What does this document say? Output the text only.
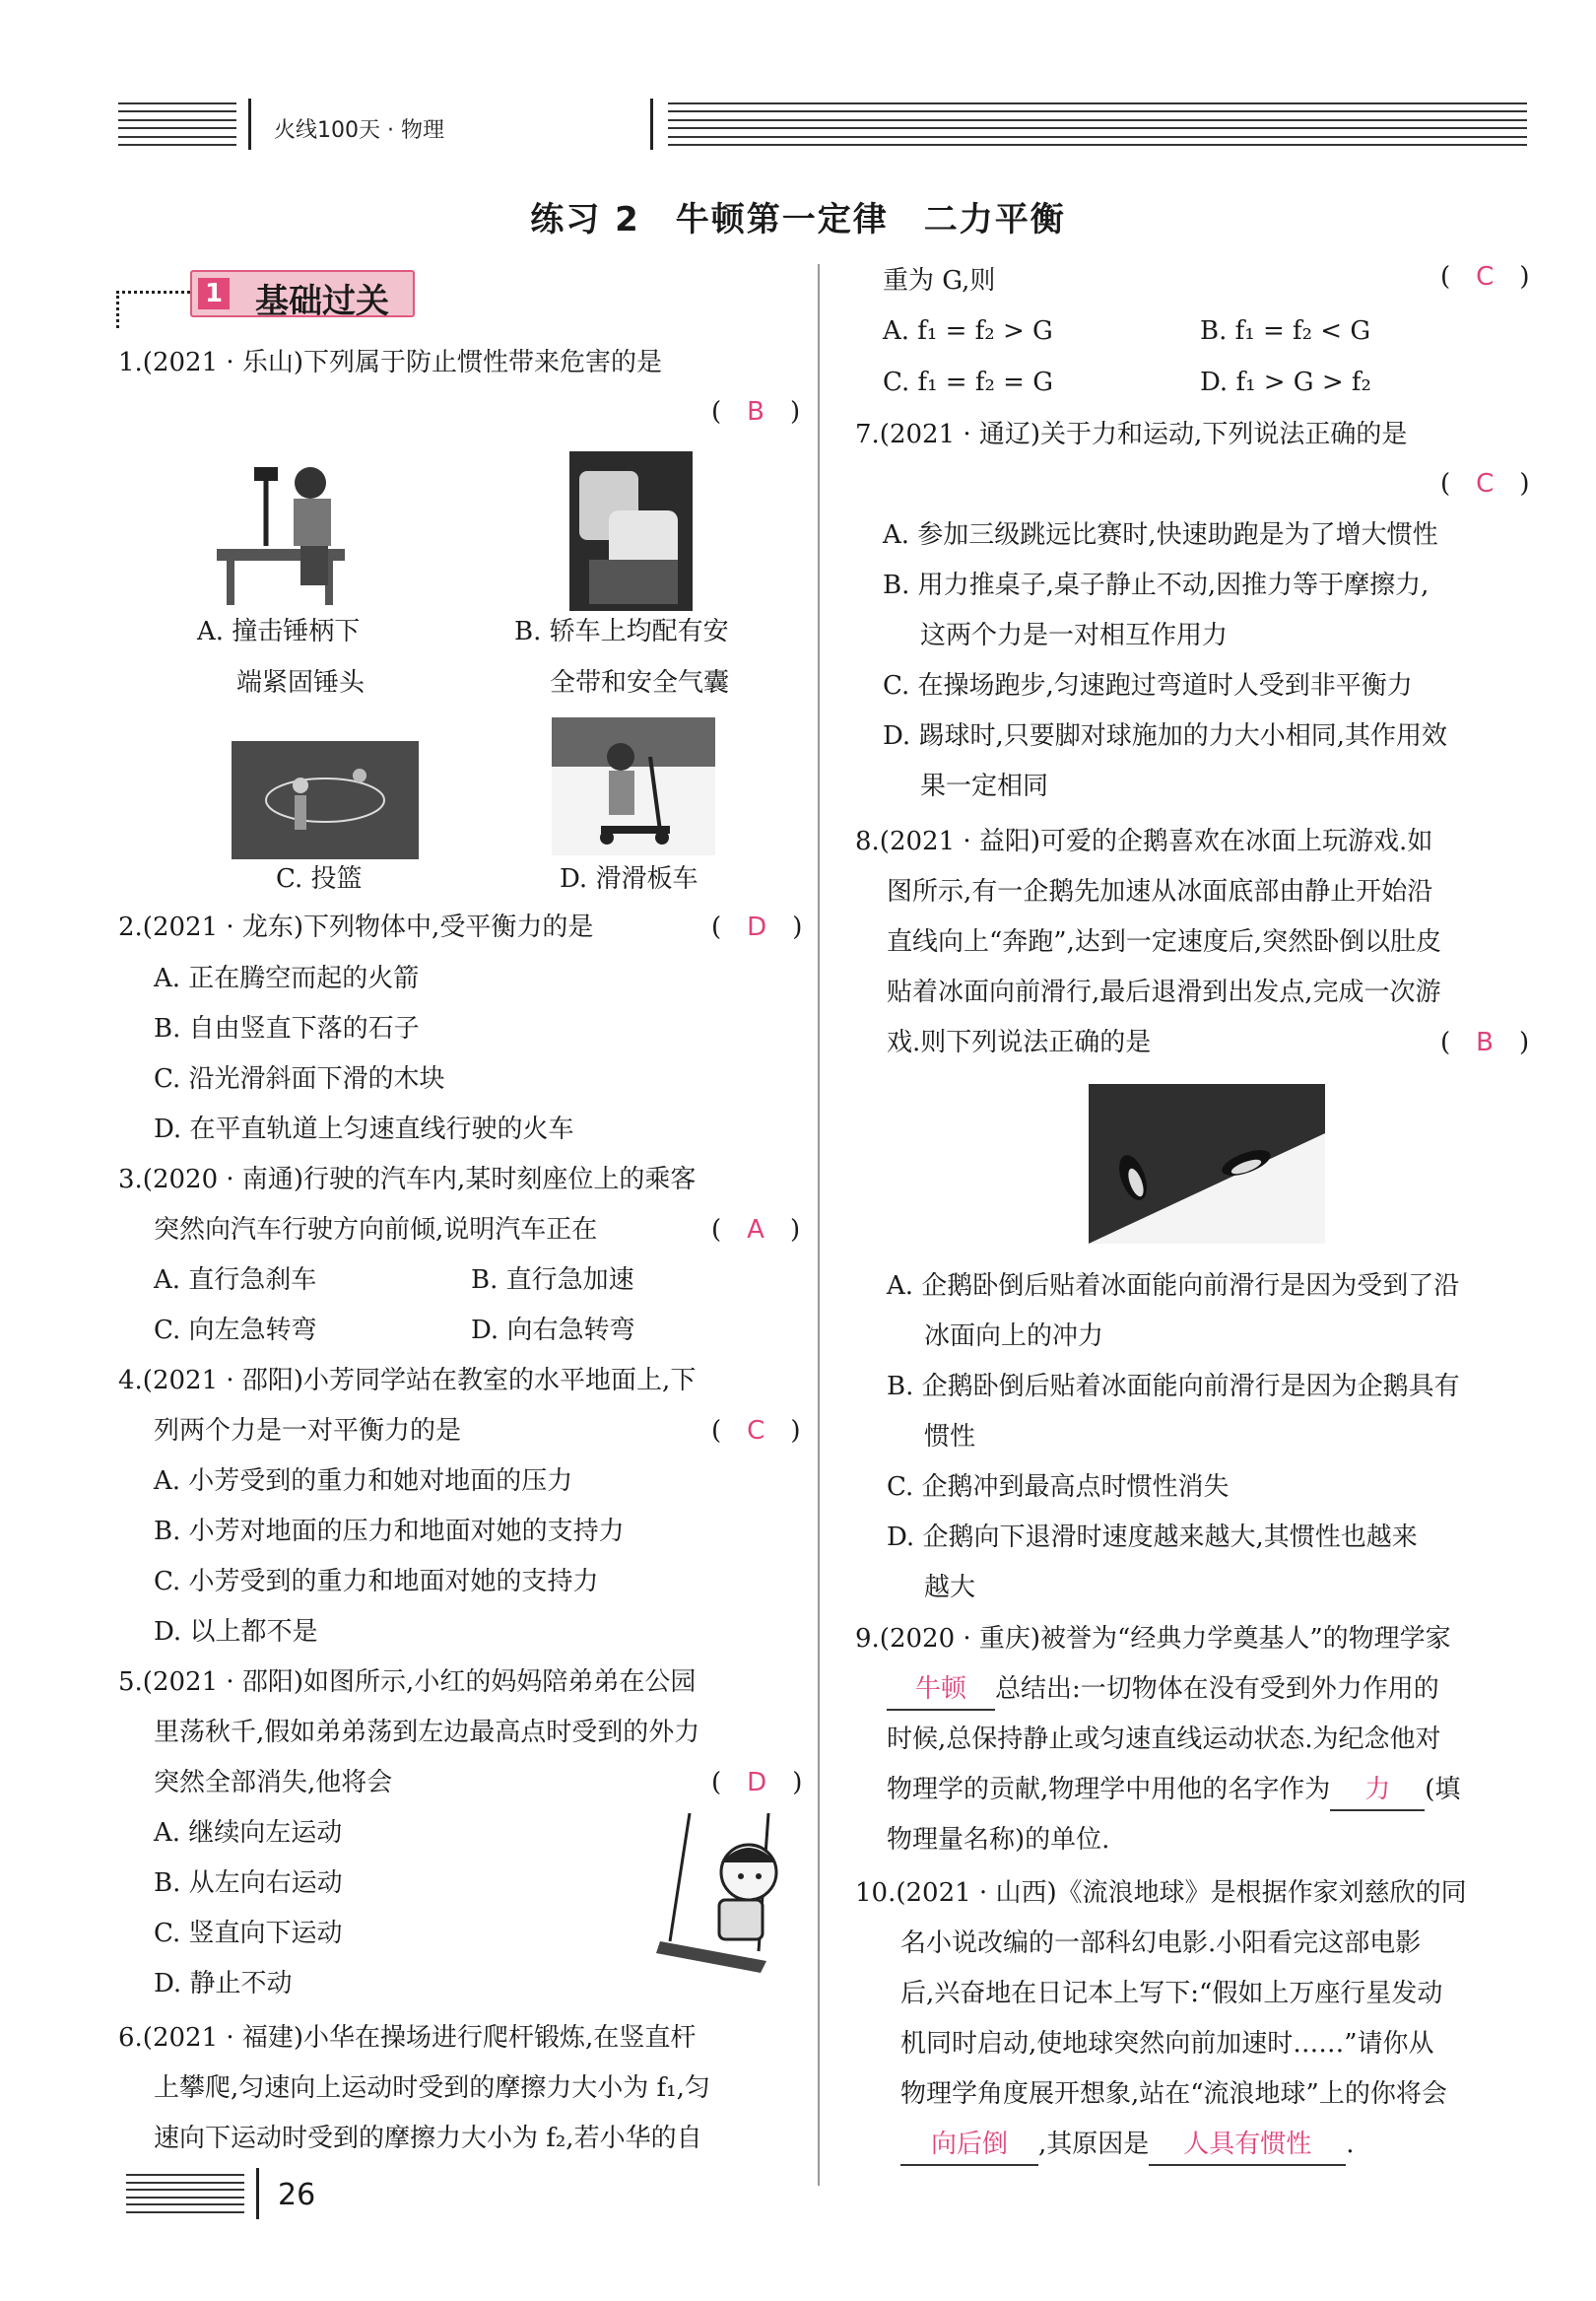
火线100天 · 物理
练习 2　牛顿第一定律　二力平衡
1 基础过关
1.(2021 · 乐山)下列属于防止惯性带来危害的是
(　B　)
A. 撞击锤柄下
端紧固锤头
B. 轿车上均配有安
全带和安全气囊
C. 投篮	D. 滑滑板车
2.(2021 · 龙东)下列物体中,受平衡力的是	(　D　)
A. 正在腾空而起的火箭
B. 自由竖直下落的石子
C. 沿光滑斜面下滑的木块
D. 在平直轨道上匀速直线行驶的火车
3.(2020 · 南通)行驶的汽车内,某时刻座位上的乘客
突然向汽车行驶方向前倾,说明汽车正在	(　A　)
A. 直行急刹车	B. 直行急加速
C. 向左急转弯	D. 向右急转弯
4.(2021 · 邵阳)小芳同学站在教室的水平地面上,下
列两个力是一对平衡力的是	(　C　)
A. 小芳受到的重力和她对地面的压力
B. 小芳对地面的压力和地面对她的支持力
C. 小芳受到的重力和地面对她的支持力
D. 以上都不是
5.(2021 · 邵阳)如图所示,小红的妈妈陪弟弟在公园
里荡秋千,假如弟弟荡到左边最高点时受到的外力
突然全部消失,他将会	(　D　)
A. 继续向左运动
B. 从左向右运动
C. 竖直向下运动
D. 静止不动
6.(2021 · 福建)小华在操场进行爬杆锻炼,在竖直杆
上攀爬,匀速向上运动时受到的摩擦力大小为 f₁,匀
速向下运动时受到的摩擦力大小为 f₂,若小华的自
26
重为 G,则	(　C　)
A. f₁ = f₂ > G	B. f₁ = f₂ < G
C. f₁ = f₂ = G	D. f₁ > G > f₂
7.(2021 · 通辽)关于力和运动,下列说法正确的是
(　C　)
A. 参加三级跳远比赛时,快速助跑是为了增大惯性
B. 用力推桌子,桌子静止不动,因推力等于摩擦力,
这两个力是一对相互作用力
C. 在操场跑步,匀速跑过弯道时人受到非平衡力
D. 踢球时,只要脚对球施加的力大小相同,其作用效
果一定相同
8.(2021 · 益阳)可爱的企鹅喜欢在冰面上玩游戏.如
图所示,有一企鹅先加速从冰面底部由静止开始沿
直线向上“奔跑”,达到一定速度后,突然卧倒以肚皮
贴着冰面向前滑行,最后退滑到出发点,完成一次游
戏.则下列说法正确的是	(　B　)
A. 企鹅卧倒后贴着冰面能向前滑行是因为受到了沿
冰面向上的冲力
B. 企鹅卧倒后贴着冰面能向前滑行是因为企鹅具有
惯性
C. 企鹅冲到最高点时惯性消失
D. 企鹅向下退滑时速度越来越大,其惯性也越来
越大
9.(2020 · 重庆)被誉为“经典力学奠基人”的物理学家
牛顿 总结出:一切物体在没有受到外力作用的
时候,总保持静止或匀速直线运动状态.为纪念他对
物理学的贡献,物理学中用他的名字作为 力 (填
物理量名称)的单位.
10.(2021 · 山西)《流浪地球》是根据作家刘慈欣的同
名小说改编的一部科幻电影.小阳看完这部电影
后,兴奋地在日记本上写下:“假如上万座行星发动
机同时启动,使地球突然向前加速时……”请你从
物理学角度展开想象,站在“流浪地球”上的你将会
向后倒 ,其原因是 人具有惯性 .
